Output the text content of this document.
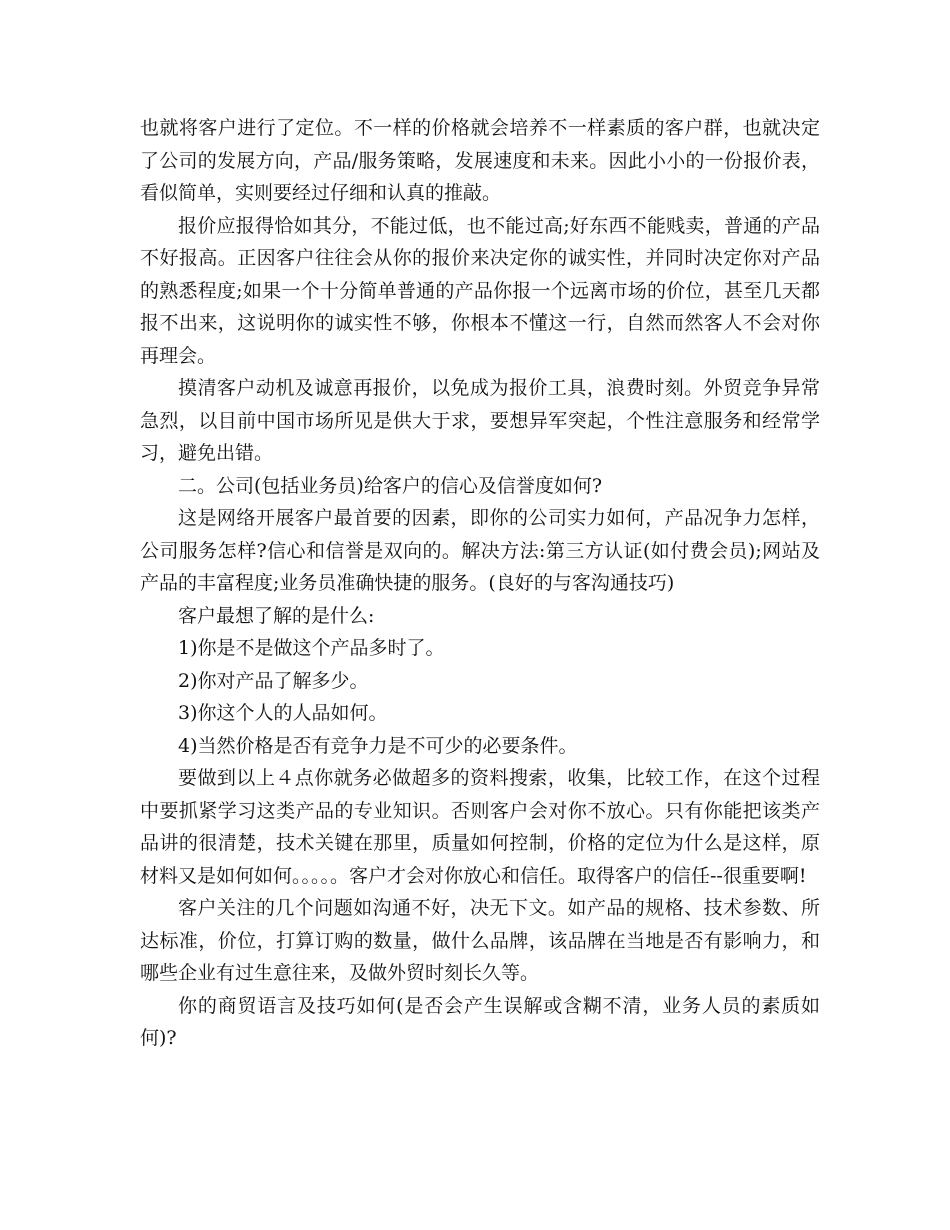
也就将客户进行了定位。不一样的价格就会培养不一样素质的客户群，也就决定了公司的发展方向，产品/服务策略，发展速度和未来。因此小小的一份报价表，看似简单，实则要经过仔细和认真的推敲。

报价应报得恰如其分，不能过低，也不能过高;好东西不能贱卖，普通的产品不好报高。正因客户往往会从你的报价来决定你的诚实性，并同时决定你对产品的熟悉程度;如果一个十分简单普通的产品你报一个远离市场的价位，甚至几天都报不出来，这说明你的诚实性不够，你根本不懂这一行，自然而然客人不会对你再理会。

摸清客户动机及诚意再报价，以免成为报价工具，浪费时刻。外贸竞争异常急烈，以目前中国市场所见是供大于求，要想异军突起，个性注意服务和经常学习，避免出错。

二。公司(包括业务员)给客户的信心及信誉度如何?

这是网络开展客户最首要的因素，即你的公司实力如何，产品况争力怎样，公司服务怎样?信心和信誉是双向的。解决方法:第三方认证(如付费会员);网站及产品的丰富程度;业务员准确快捷的服务。(良好的与客沟通技巧)

客户最想了解的是什么:

1)你是不是做这个产品多时了。

2)你对产品了解多少。

3)你这个人的人品如何。

4)当然价格是否有竞争力是不可少的必要条件。

要做到以上４点你就务必做超多的资料搜索，收集，比较工作，在这个过程中要抓紧学习这类产品的专业知识。否则客户会对你不放心。只有你能把该类产品讲的很清楚，技术关键在那里，质量如何控制，价格的定位为什么是这样，原材料又是如何如何。。。。。客户才会对你放心和信任。取得客户的信任--很重要啊!

客户关注的几个问题如沟通不好，决无下文。如产品的规格、技术参数、所达标准，价位，打算订购的数量，做什么品牌，该品牌在当地是否有影响力，和哪些企业有过生意往来，及做外贸时刻长久等。

你的商贸语言及技巧如何(是否会产生误解或含糊不清，业务人员的素质如何)?
